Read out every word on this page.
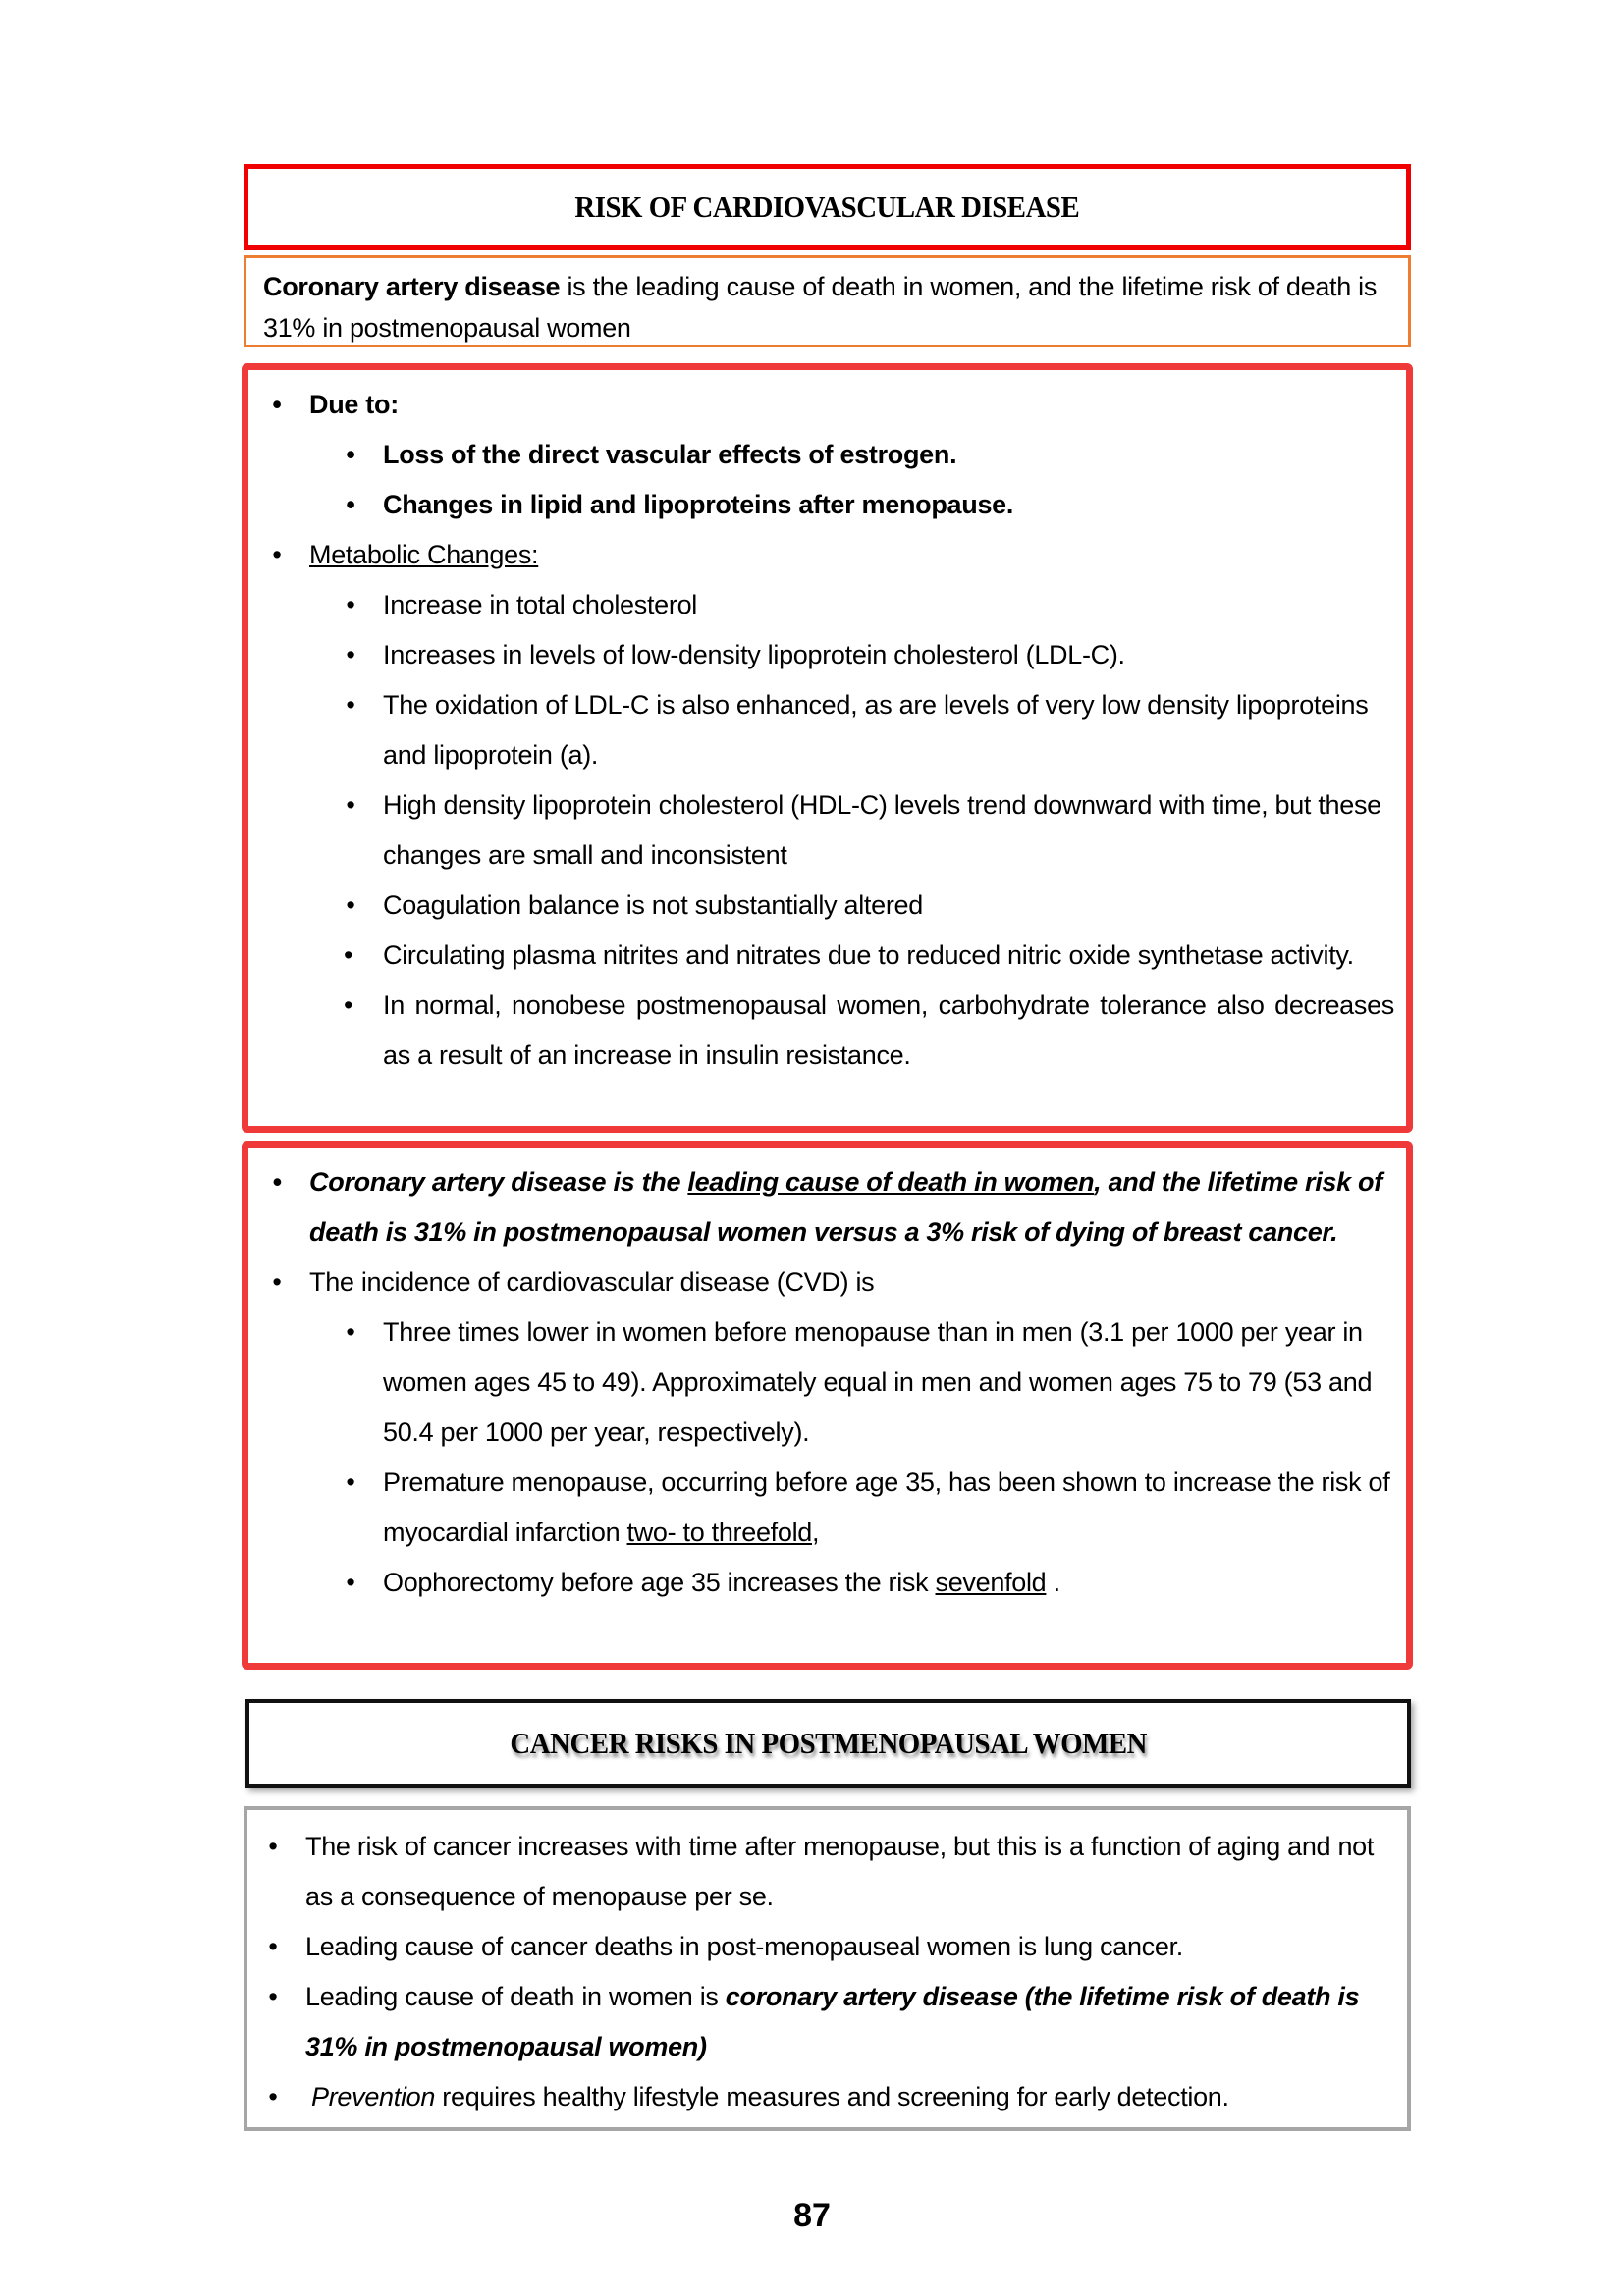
RISK OF CARDIOVASCULAR DISEASE
Coronary artery disease is the leading cause of death in women, and the lifetime risk of death is 31% in postmenopausal women
• Due to:
• Loss of the direct vascular effects of estrogen.
• Changes in lipid and lipoproteins after menopause.
• Metabolic Changes:
• Increase in total cholesterol
• Increases in levels of low-density lipoprotein cholesterol (LDL-C).
• The oxidation of LDL-C is also enhanced, as are levels of very low density lipoproteins and lipoprotein (a).
• High density lipoprotein cholesterol (HDL-C) levels trend downward with time, but these changes are small and inconsistent
• Coagulation balance is not substantially altered
• Circulating plasma nitrites and nitrates due to reduced nitric oxide synthetase activity.
• In normal, nonobese postmenopausal women, carbohydrate tolerance also decreases as a result of an increase in insulin resistance.
• Coronary artery disease is the leading cause of death in women, and the lifetime risk of death is 31% in postmenopausal women versus a 3% risk of dying of breast cancer.
• The incidence of cardiovascular disease (CVD) is
• Three times lower in women before menopause than in men (3.1 per 1000 per year in women ages 45 to 49). Approximately equal in men and women ages 75 to 79 (53 and 50.4 per 1000 per year, respectively).
• Premature menopause, occurring before age 35, has been shown to increase the risk of myocardial infarction two- to threefold,
• Oophorectomy before age 35 increases the risk sevenfold .
CANCER RISKS IN POSTMENOPAUSAL WOMEN
• The risk of cancer increases with time after menopause, but this is a function of aging and not as a consequence of menopause per se.
• Leading cause of cancer deaths in post-menopauseal women is lung cancer.
• Leading cause of death in women is coronary artery disease (the lifetime risk of death is 31% in postmenopausal women)
• Prevention requires healthy lifestyle measures and screening for early detection.
87
